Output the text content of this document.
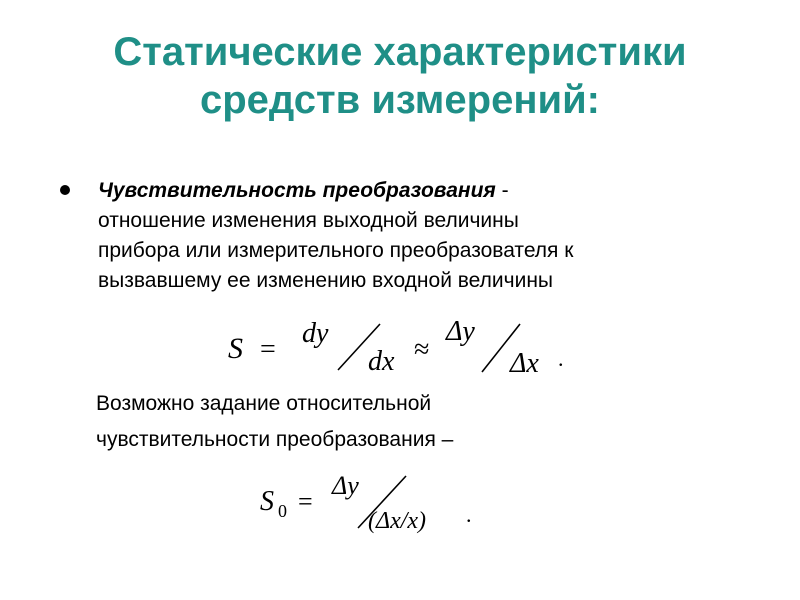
Статические характеристики
средств измерений:
Чувствительность преобразования -
отношение изменения выходной величины
прибора или измерительного преобразователя к
вызвавшему ее изменению входной величины
S =
dy
dx ≈
Δy
Δx .
Возможно задание относительной
чувствительности преобразования –
S 0 =
Δy
(Δx/x) .
